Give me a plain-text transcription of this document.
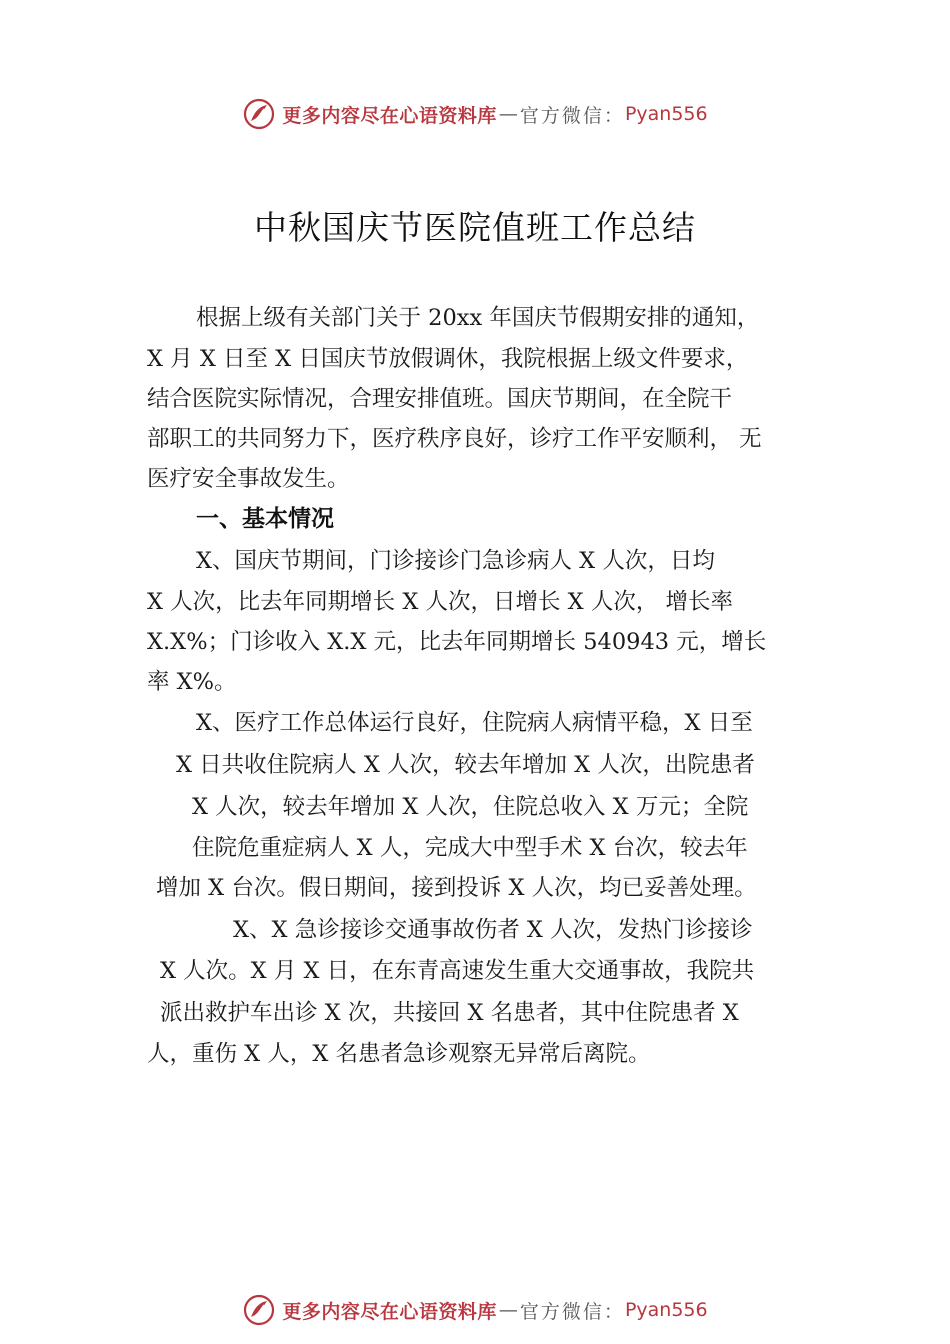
更多内容尽在心语资料库 — 官方微信： Pyan556
中秋国庆节医院值班工作总结
根据上级有关部门关于 20xx 年国庆节假期安排的通知，
X 月 X 日至 X 日国庆节放假调休，我院根据上级文件要求，
结合医院实际情况，合理安排值班。国庆节期间，在全院干
部职工的共同努力下，医疗秩序良好，诊疗工作平安顺利， 无
医疗安全事故发生。
一、基本情况
X、国庆节期间，门诊接诊门急诊病人 X 人次，日均
X 人次，比去年同期增长 X 人次，日增长 X 人次， 增长率
X.X%；门诊收入 X.X 元，比去年同期增长 540943 元，增长
率 X%。
X、医疗工作总体运行良好，住院病人病情平稳，X 日至
X 日共收住院病人 X 人次，较去年增加 X 人次，出院患者
X 人次，较去年增加 X 人次，住院总收入 X 万元；全院
住院危重症病人 X 人，完成大中型手术 X 台次，较去年
增加 X 台次。假日期间，接到投诉 X 人次，均已妥善处理。
X、X 急诊接诊交通事故伤者 X 人次，发热门诊接诊
X 人次。X 月 X 日，在东青高速发生重大交通事故，我院共
派出救护车出诊 X 次，共接回 X 名患者，其中住院患者 X
人，重伤 X 人，X 名患者急诊观察无异常后离院。
更多内容尽在心语资料库 — 官方微信： Pyan556
